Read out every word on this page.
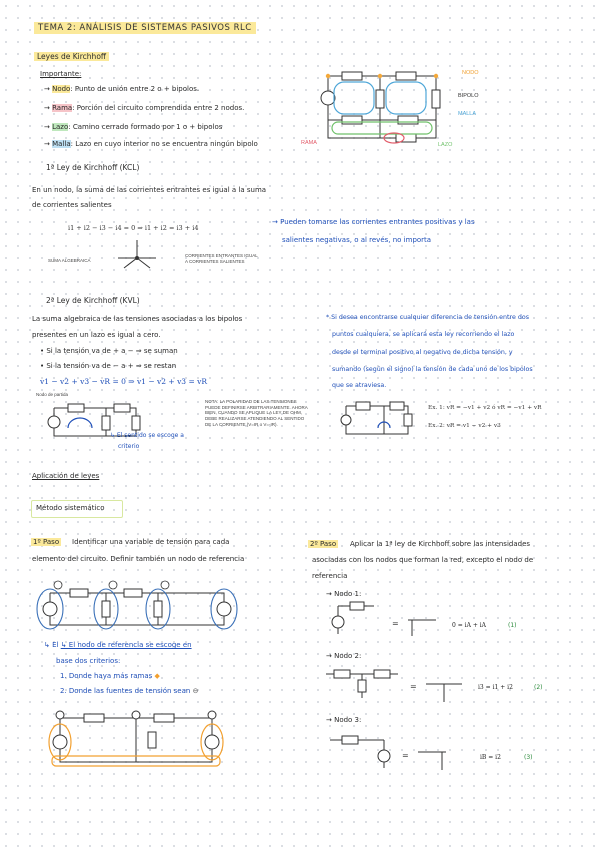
TEMA 2: ANÁLISIS DE SISTEMAS PASIVOS RLC
Leyes de Kirchhoff
Importante:
→ Nodo: Punto de unión entre 2 o + bipolos.
→ Rama: Porción del circuito comprendida entre 2 nodos.
→ Lazo: Camino cerrado formado por 1 o + bipolos
→ Malla: Lazo en cuyo interior no se encuentra ningún bipolo
NODO
BIPOLO
MALLA
RAMA	LAZO
1ª Ley de Kirchhoff (KCL)
En un nodo, la suma de las corrientes entrantes es igual a la suma
de corrientes salientes
i1 + i2 − i3 − i4 = 0 ⇒ i1 + i2 = i3 + i4
SUMA ALGEBRAICA
CORRIENTES ENTRANTES IGUAL
A CORRIENTES SALIENTES
→ Pueden tomarse las corrientes entrantes positivas y las
salientes negativas, o al revés, no importa
2ª Ley de Kirchhoff (KVL)
La suma algebraica de las tensiones asociadas a los bipolos
presentes en un lazo es igual a cero.
• Si la tensión va de + a − ⇒ se suman
• Si la tensión va de − a + ⇒ se restan
v1 − v2 + v3 − vR = 0 ⇒ v1 − v2 + v3 = vR
Nodo de partida
NOTA: LA POLARIDAD DE LAS TENSIONES PUEDE DEFINIRSE ARBITRARIAMENTE. AHORA BIEN, CUANDO SE APLIQUE LA LEY DE OHM, DEBE REALIZARSE ATENDIENDO AL SENTIDO DE LA CORRIENTE (V=IR o V=-IR).
↳ El sentido se escoge a
criterio
* Si desea encontrarse cualquier diferencia de tensión entre dos
puntos cualquiera, se aplicará esta ley recorriendo el lazo
desde el terminal positivo al negativo de dicha tensión, y
sumando (según el signo) la tensión de cada uno de los bipolos
que se atraviesa.
Ex. 1: vR = −v1 + v2 ó vR = −v1 + vR
Ex. 2: vR = v1 − v2 + v3
Aplicación de leyes
Método sistemático
1º Paso Identificar una variable de tensión para cada
elemento del circuito. Definir también un nodo de referencia
↳ El ↳ El nodo de referencia se escoge en
base dos criterios:
1. Donde haya más ramas ◆
2. Donde las fuentes de tensión sean ⊖
2º Paso Aplicar la 1ª ley de Kirchhoff sobre las intensidades
asociadas con los nodos que forman la red, excepto el nodo de
referencia
→ Nodo 1:
=	0 = iA + iA	(1)
→ Nodo 2:
=	i3 = i1 + i2	(2)
→ Nodo 3:
=	iB = i2	(3)
